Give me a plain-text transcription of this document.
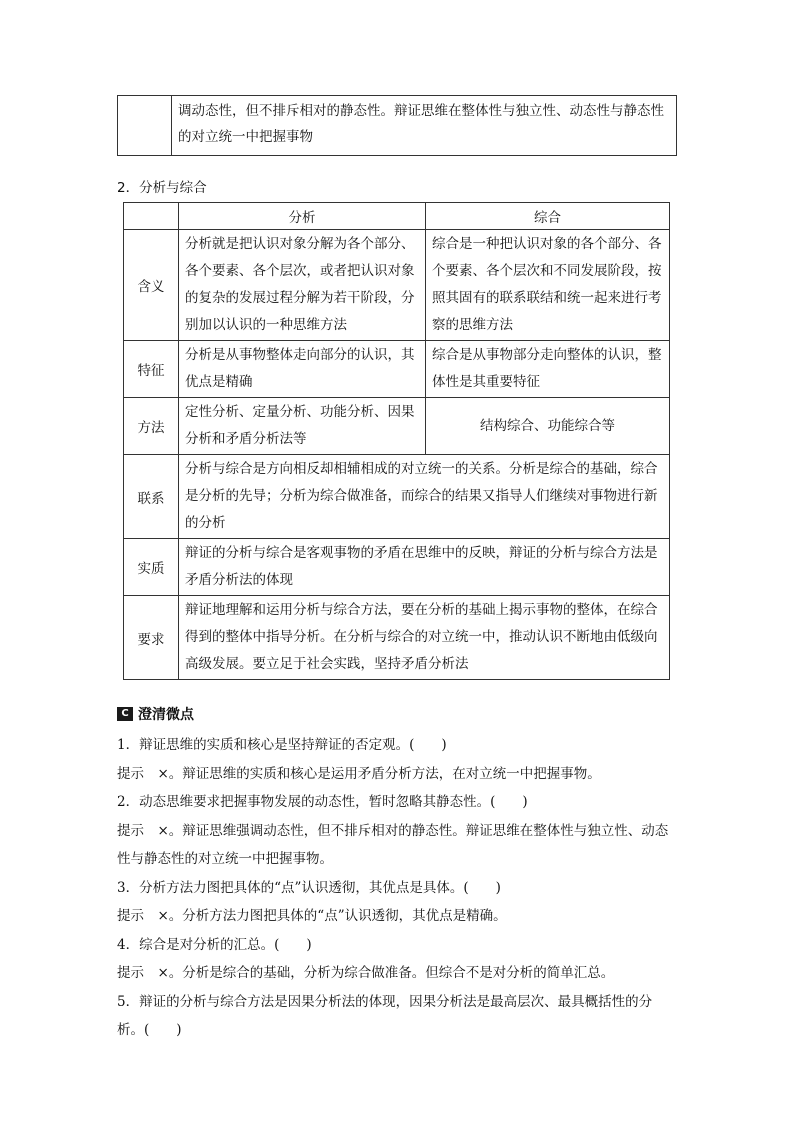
	调动态性，但不排斥相对的静态性。辩证思维在整体性与独立性、动态性与静态性的对立统一中把握事物
2．分析与综合
	分析	综合
含义	分析就是把认识对象分解为各个部分、各个要素、各个层次，或者把认识对象的复杂的发展过程分解为若干阶段，分别加以认识的一种思维方法	综合是一种把认识对象的各个部分、各个要素、各个层次和不同发展阶段，按照其固有的联系联结和统一起来进行考察的思维方法
特征	分析是从事物整体走向部分的认识，其优点是精确	综合是从事物部分走向整体的认识，整体性是其重要特征
方法	定性分析、定量分析、功能分析、因果分析和矛盾分析法等	结构综合、功能综合等
联系	分析与综合是方向相反却相辅相成的对立统一的关系。分析是综合的基础，综合是分析的先导；分析为综合做准备，而综合的结果又指导人们继续对事物进行新的分析	
实质	辩证的分析与综合是客观事物的矛盾在思维中的反映，辩证的分析与综合方法是矛盾分析法的体现	
要求	辩证地理解和运用分析与综合方法，要在分析的基础上揭示事物的整体，在综合得到的整体中指导分析。在分析与综合的对立统一中，推动认识不断地由低级向高级发展。要立足于社会实践，坚持矛盾分析法	
C 澄清微点

1．辩证思维的实质和核心是坚持辩证的否定观。(　　)

提示　×。辩证思维的实质和核心是运用矛盾分析方法，在对立统一中把握事物。

2．动态思维要求把握事物发展的动态性，暂时忽略其静态性。(　　)

提示　×。辩证思维强调动态性，但不排斥相对的静态性。辩证思维在整体性与独立性、动态性与静态性的对立统一中把握事物。

3．分析方法力图把具体的“点”认识透彻，其优点是具体。(　　)

提示　×。分析方法力图把具体的“点”认识透彻，其优点是精确。

4．综合是对分析的汇总。(　　)

提示　×。分析是综合的基础，分析为综合做准备。但综合不是对分析的简单汇总。

5．辩证的分析与综合方法是因果分析法的体现，因果分析法是最高层次、最具概括性的分析。(　　)
